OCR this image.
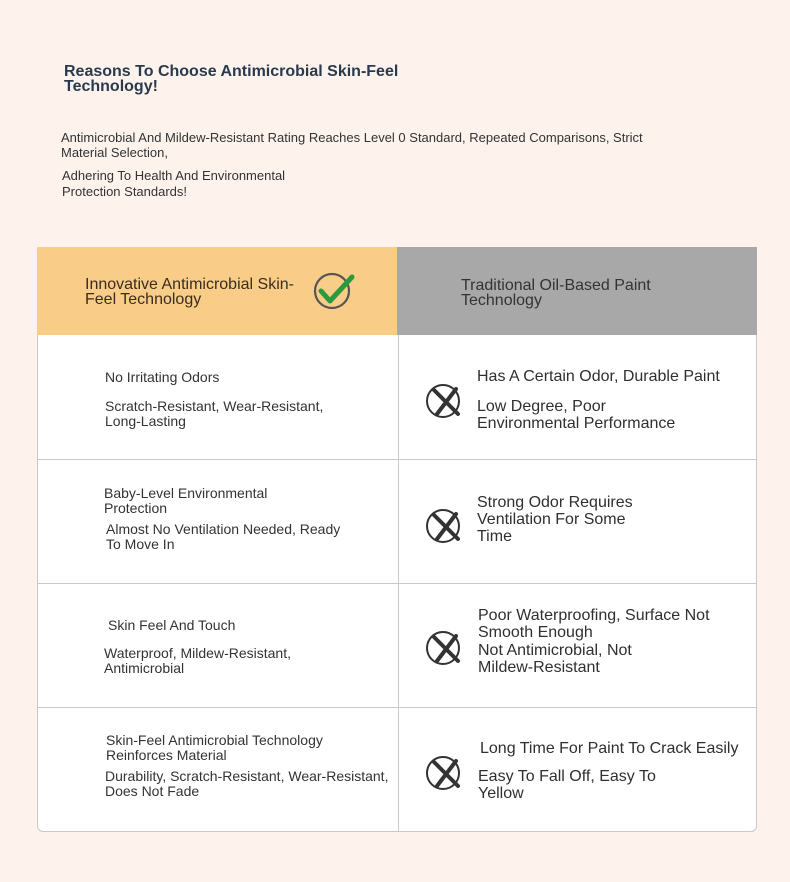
Reasons To Choose Antimicrobial Skin-Feel Technology!
Antimicrobial And Mildew-Resistant Rating Reaches Level 0 Standard, Repeated Comparisons, Strict Material Selection,
Adhering To Health And Environmental Protection Standards!
Innovative Antimicrobial Skin-Feel Technology
Traditional Oil-Based Paint Technology
No Irritating Odors
Scratch-Resistant, Wear-Resistant, Long-Lasting
Has A Certain Odor, Durable Paint
Low Degree, Poor Environmental Performance
Baby-Level Environmental Protection
Almost No Ventilation Needed, Ready To Move In
Strong Odor Requires Ventilation For Some Time
Skin Feel And Touch
Waterproof, Mildew-Resistant, Antimicrobial
Poor Waterproofing, Surface Not Smooth Enough
Not Antimicrobial, Not Mildew-Resistant
Skin-Feel Antimicrobial Technology Reinforces Material
Durability, Scratch-Resistant, Wear-Resistant, Does Not Fade
Long Time For Paint To Crack Easily
Easy To Fall Off, Easy To Yellow
